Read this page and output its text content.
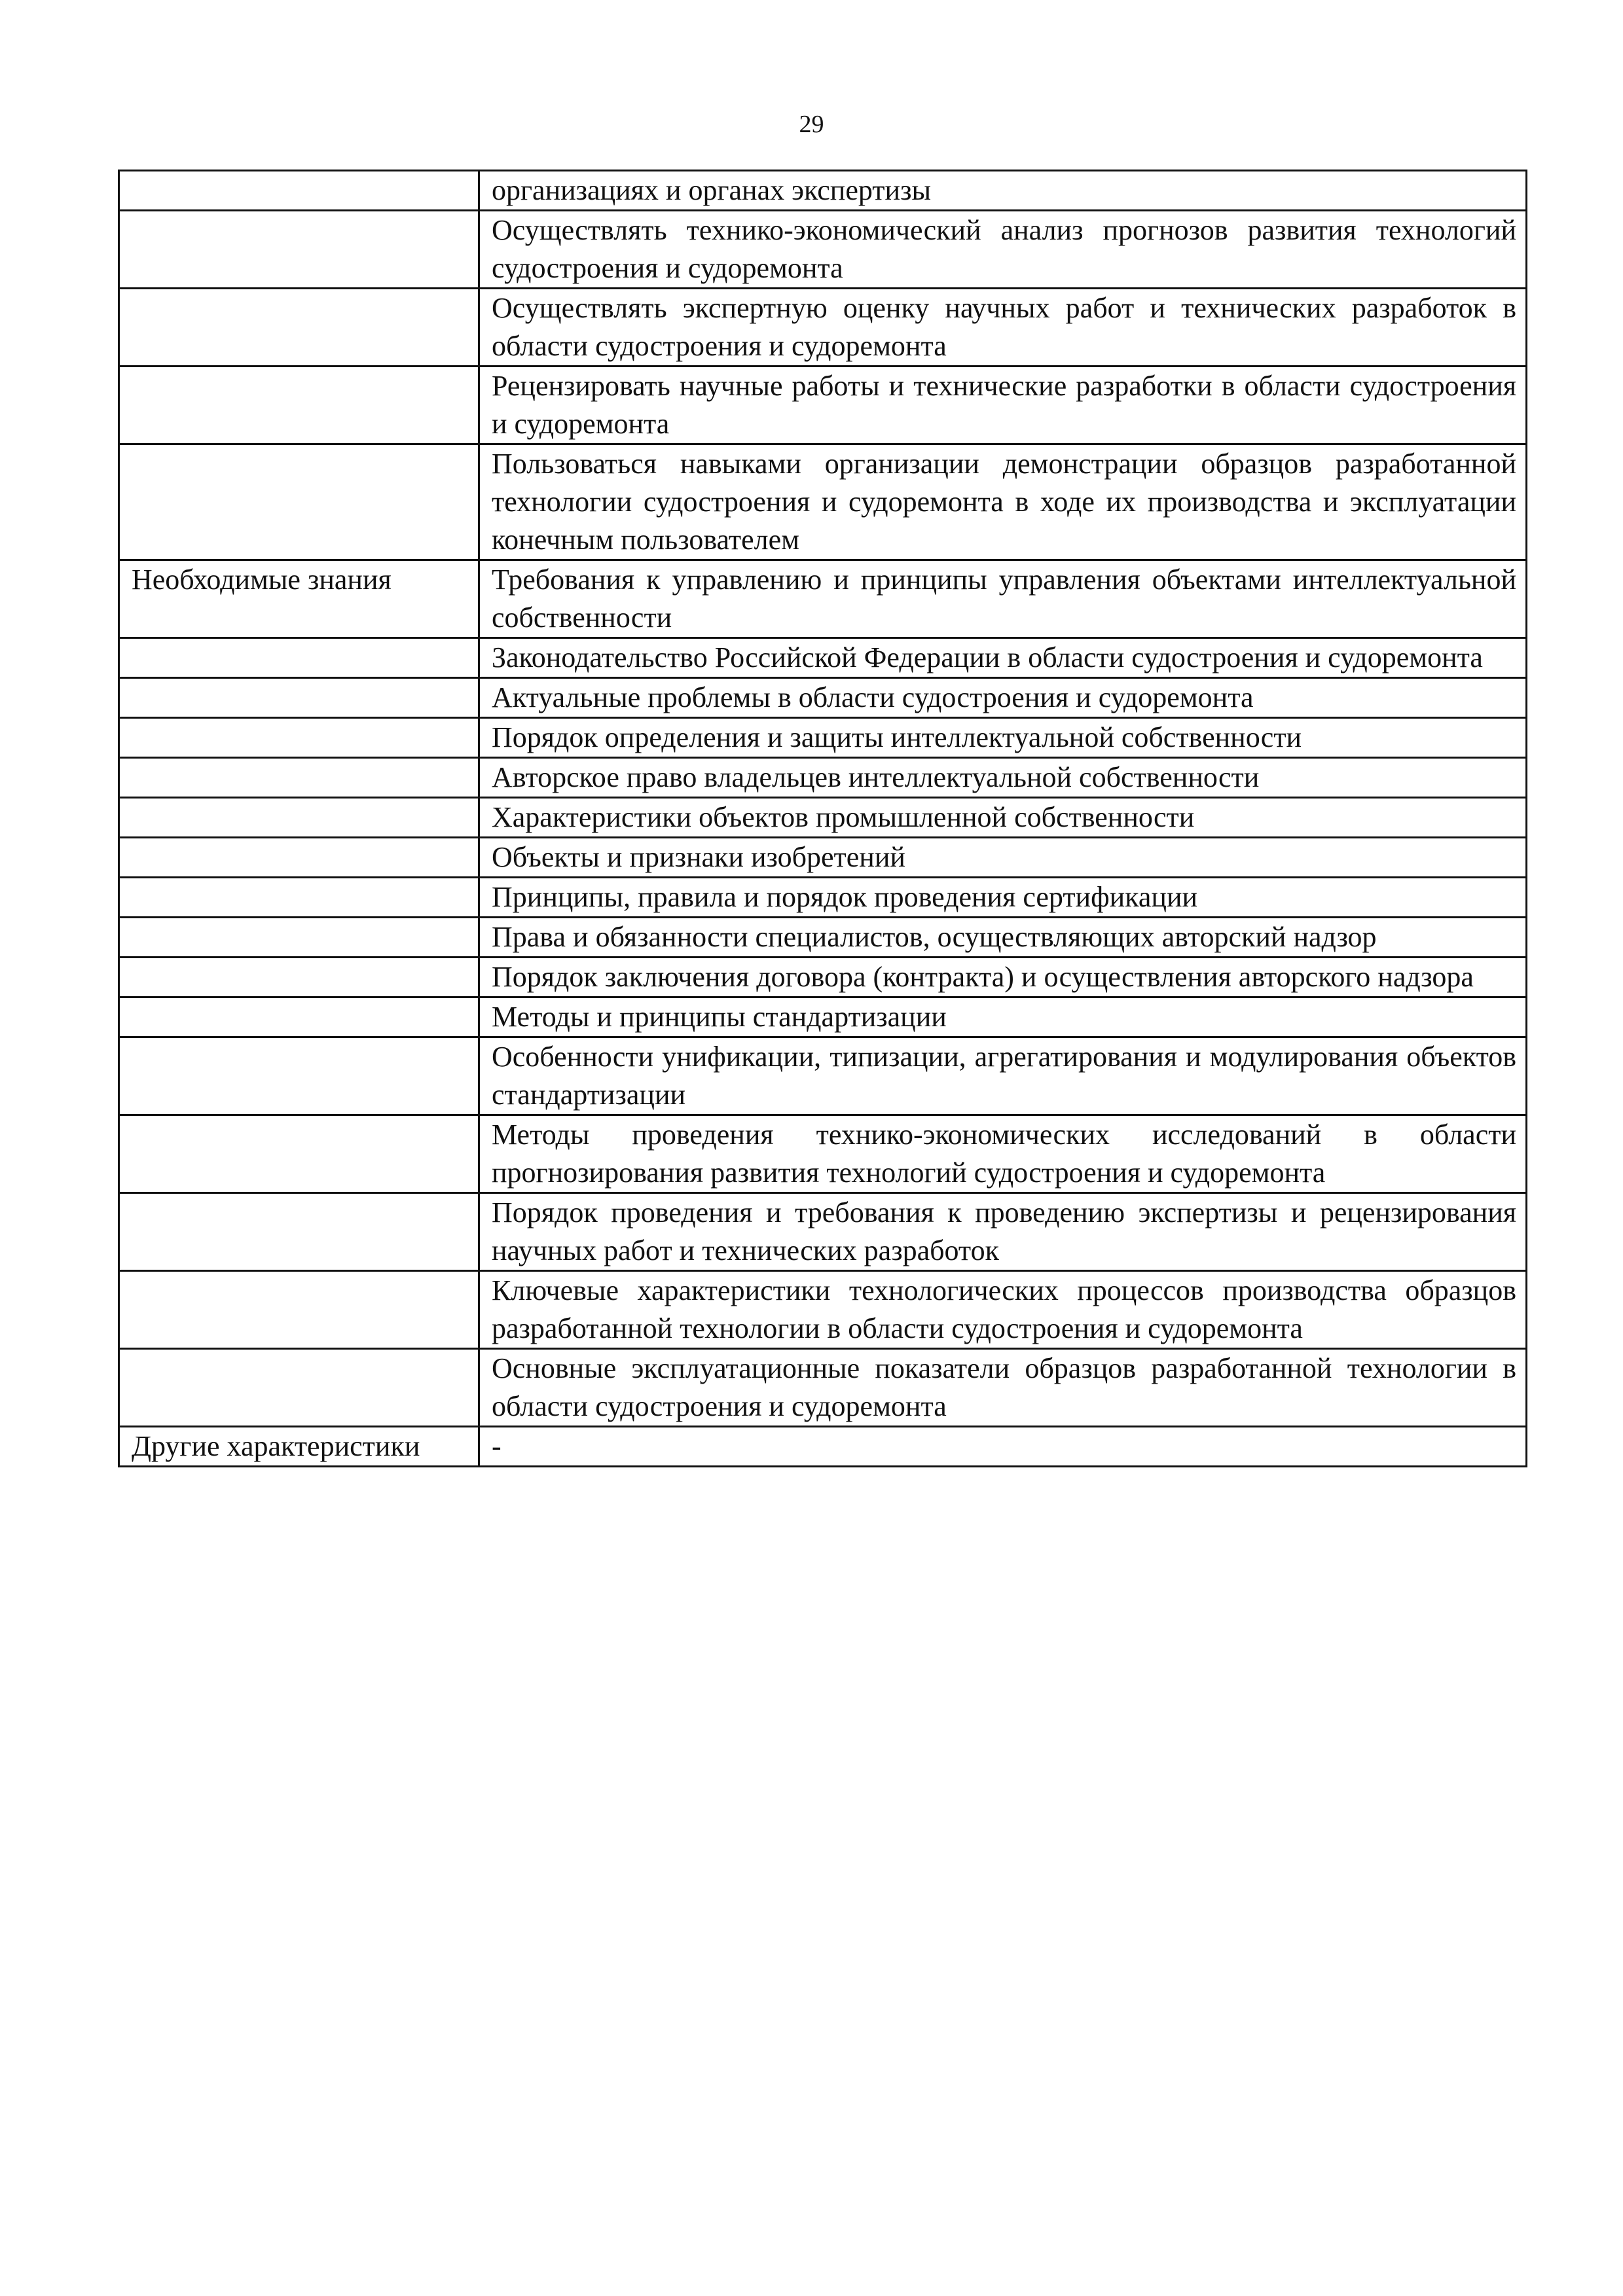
29
	организациях и органах экспертизы
	Осуществлять технико-экономический анализ прогнозов развития технологий судостроения и судоремонта
	Осуществлять экспертную оценку научных работ и технических разработок в области судостроения и судоремонта
	Рецензировать научные работы и технические разработки в области судостроения и судоремонта
	Пользоваться навыками организации демонстрации образцов разработанной технологии судостроения и судоремонта в ходе их производства и эксплуатации конечным пользователем
Необходимые знания	Требования к управлению и принципы управления объектами интеллектуальной собственности
	Законодательство Российской Федерации в области судостроения и судоремонта
	Актуальные проблемы в области судостроения и судоремонта
	Порядок определения и защиты интеллектуальной собственности
	Авторское право владельцев интеллектуальной собственности
	Характеристики объектов промышленной собственности
	Объекты и признаки изобретений
	Принципы, правила и порядок проведения сертификации
	Права и обязанности специалистов, осуществляющих авторский надзор
	Порядок заключения договора (контракта) и осуществления авторского надзора
	Методы и принципы стандартизации
	Особенности унификации, типизации, агрегатирования и модулирования объектов стандартизации
	Методы проведения технико-экономических исследований в области прогнозирования развития технологий судостроения и судоремонта
	Порядок проведения и требования к проведению экспертизы и рецензирования научных работ и технических разработок
	Ключевые характеристики технологических процессов производства образцов разработанной технологии в области судостроения и судоремонта
	Основные эксплуатационные показатели образцов разработанной технологии в области судостроения и судоремонта
Другие характеристики	-
